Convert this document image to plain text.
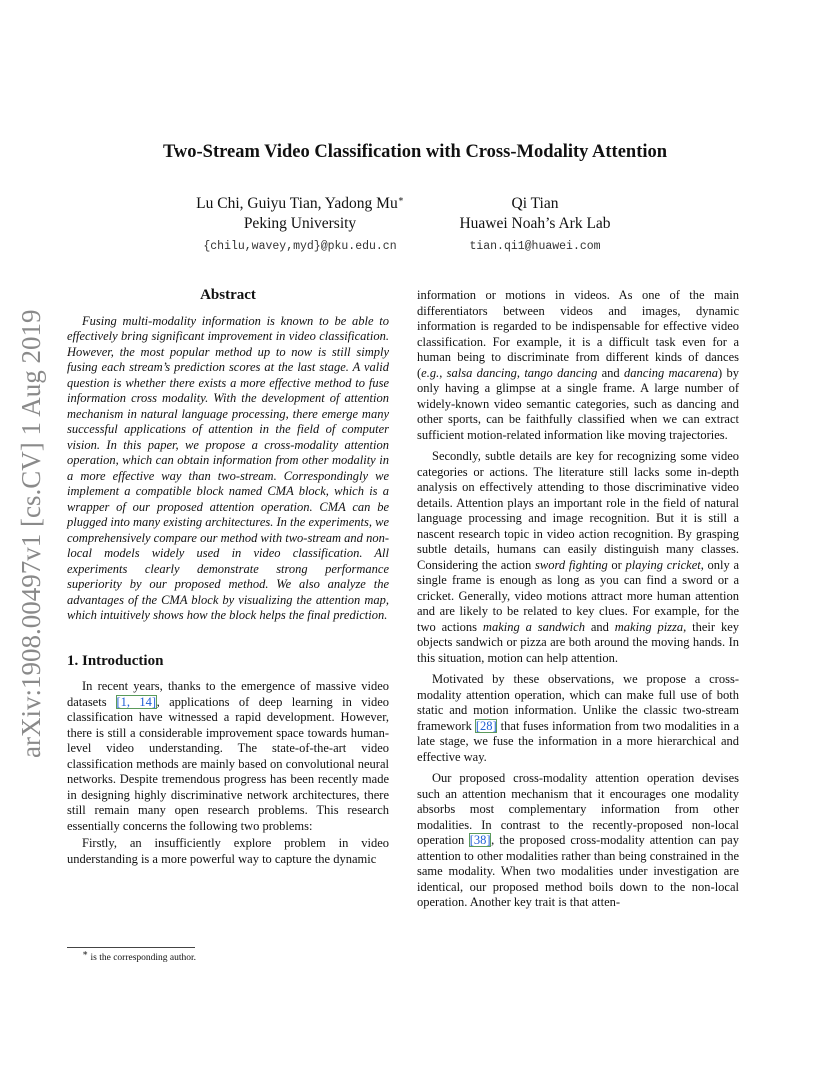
arXiv:1908.00497v1 [cs.CV] 1 Aug 2019
Two-Stream Video Classification with Cross-Modality Attention
Lu Chi, Guiyu Tian, Yadong Mu∗
Peking University
{chilu,wavey,myd}@pku.edu.cn
Qi Tian
Huawei Noah’s Ark Lab
tian.qi1@huawei.com
Abstract

Fusing multi-modality information is known to be able to effectively bring significant improvement in video classification. However, the most popular method up to now is still simply fusing each stream’s prediction scores at the last stage. A valid question is whether there exists a more effective method to fuse information cross modality. With the development of attention mechanism in natural language processing, there emerge many successful applications of attention in the field of computer vision. In this paper, we propose a cross-modality attention operation, which can obtain information from other modality in a more effective way than two-stream. Correspondingly we implement a compatible block named CMA block, which is a wrapper of our proposed attention operation. CMA can be plugged into many existing architectures. In the experiments, we comprehensively compare our method with two-stream and non-local models widely used in video classification. All experiments clearly demonstrate strong performance superiority by our proposed method. We also analyze the advantages of the CMA block by visualizing the attention map, which intuitively shows how the block helps the final prediction.

1. Introduction

In recent years, thanks to the emergence of massive video datasets [1, 14], applications of deep learning in video classification have witnessed a rapid development. However, there is still a considerable improvement space towards human-level video understanding. The state-of-the-art video classification methods are mainly based on convolutional neural networks. Despite tremendous progress has been recently made in designing highly discriminative network architectures, there still remain many open research problems. This research essentially concerns the following two problems:

Firstly, an insufficiently explore problem in video understanding is a more powerful way to capture the dynamic

information or motions in videos. As one of the main differentiators between videos and images, dynamic information is regarded to be indispensable for effective video classification. For example, it is a difficult task even for a human being to discriminate from different kinds of dances (e.g., salsa dancing, tango dancing and dancing macarena) by only having a glimpse at a single frame. A large number of widely-known video semantic categories, such as dancing and other sports, can be faithfully classified when we can extract sufficient motion-related information like moving trajectories.

Secondly, subtle details are key for recognizing some video categories or actions. The literature still lacks some in-depth analysis on effectively attending to those discriminative video details. Attention plays an important role in the field of natural language processing and image recognition. But it is still a nascent research topic in video action recognition. By grasping subtle details, humans can easily distinguish many classes. Considering the action sword fighting or playing cricket, only a single frame is enough as long as you can find a sword or a cricket. Generally, video motions attract more human attention and are likely to be related to key clues. For example, for the two actions making a sandwich and making pizza, their key objects sandwich or pizza are both around the moving hands. In this situation, motion can help attention.

Motivated by these observations, we propose a cross-modality attention operation, which can make full use of both static and motion information. Unlike the classic two-stream framework [28] that fuses information from two modalities in a late stage, we fuse the information in a more hierarchical and effective way.

Our proposed cross-modality attention operation devises such an attention mechanism that it encourages one modality absorbs most complementary information from other modalities. In contrast to the recently-proposed non-local operation [38], the proposed cross-modality attention can pay attention to other modalities rather than being constrained in the same modality. When two modalities under investigation are identical, our proposed method boils down to the non-local operation. Another key trait is that atten-

∗ is the corresponding author.
